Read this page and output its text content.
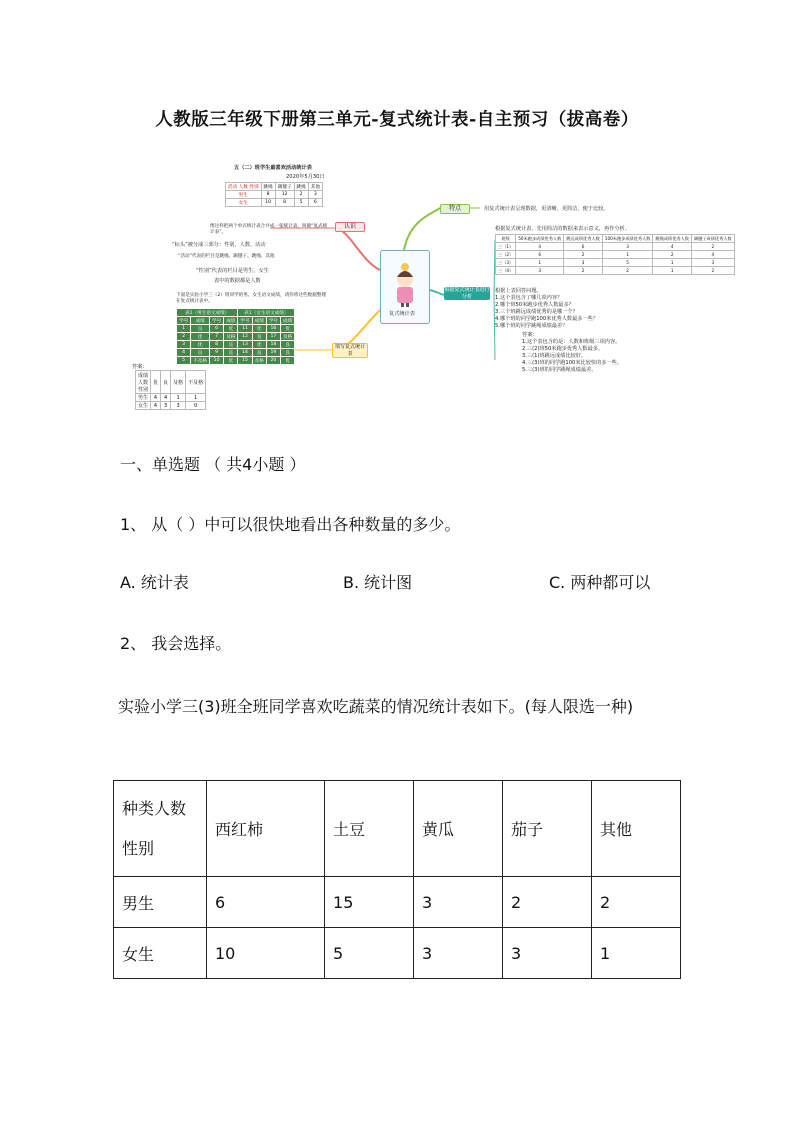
人教版三年级下册第三单元-复式统计表-自主预习（拔高卷）
复式统计表
认识
特点
填写复式统计表
根据复式统计表进行分析
五（二）班学生最喜欢活动统计表
2020年5月30日
活动 人数 性别	跳绳	踢毽子	跳绳	其他
男生	8	12	2	3
女生	10	8	5	6
像这样把两个单式统计表合并成一张统计表，叫做“复式统计表”。
“标头”被分成三部分：性别、人数、活动
“活动”代表的栏目是跳绳、踢毽子、跳绳、其他
“性别”代表的栏目是男生、女生
表中的数据都是人数
用复式统计表呈现数据，更清晰、更简洁，便于比较。
下面是实验小学三（2）班同学的男、女生语文成绩，请你将这些数据整理在复式统计表中。
表1（男生语文成绩）				表1（女生语文成绩）			
学号	成绩	学号	成绩	学号	成绩	学号	成绩
1	良	6	优	11	优	16	优
2	优	7	及格	12	良	17	及格
3	优	8	良	13	优	18	良
4	良	9	良	14	良	19	良
5	不及格	10	优	15	及格	20	优
答案：
成绩
人数
性别	优	良	及格	不及格
男生	4	4	1	1
女生	4	3	3	0
根据复式统计表，先用简洁的数据来表示意义，再作分析。
班级	50米跑步成绩优秀人数	跳远成绩优秀人数	100米跑步成绩优秀人数	跳绳成绩优秀人数	踢毽子成绩优秀人数
三（1）	4	6	3	4	2
三（2）	6	2	1	2	4
三（3）	1	3	5	1	3
三（4）	3	2	2	1	2
根据上表回答问题。
1.这个表包含了哪几项内容？
2.哪个班50米跑步优秀人数最多？
3.三个班跳远成绩优秀的是哪一个？
4.哪个班的同学跑100米优秀人数最多一些？
5.哪个班的同学跳绳成绩最差？
答案：
1.这个表包含的是：人数和班级三项内容。
2.三(2)班50米跑步优秀人数最多。
3.三(1)班跳远成绩比较好。
4.三(3)班的同学跑100米比较快的多一些。
5.三(3)班的同学跳绳成绩最差。
一、单选题 （ 共4小题 ）
1、 从（ ）中可以很快地看出各种数量的多少。
A. 统计表	B. 统计图	C. 两种都可以
2、 我会选择。
实验小学三(3)班全班同学喜欢吃蔬菜的情况统计表如下。(每人限选一种)
种类人数
性别	西红柿	土豆	黄瓜	茄子	其他
男生	6	15	3	2	2
女生	10	5	3	3	1
